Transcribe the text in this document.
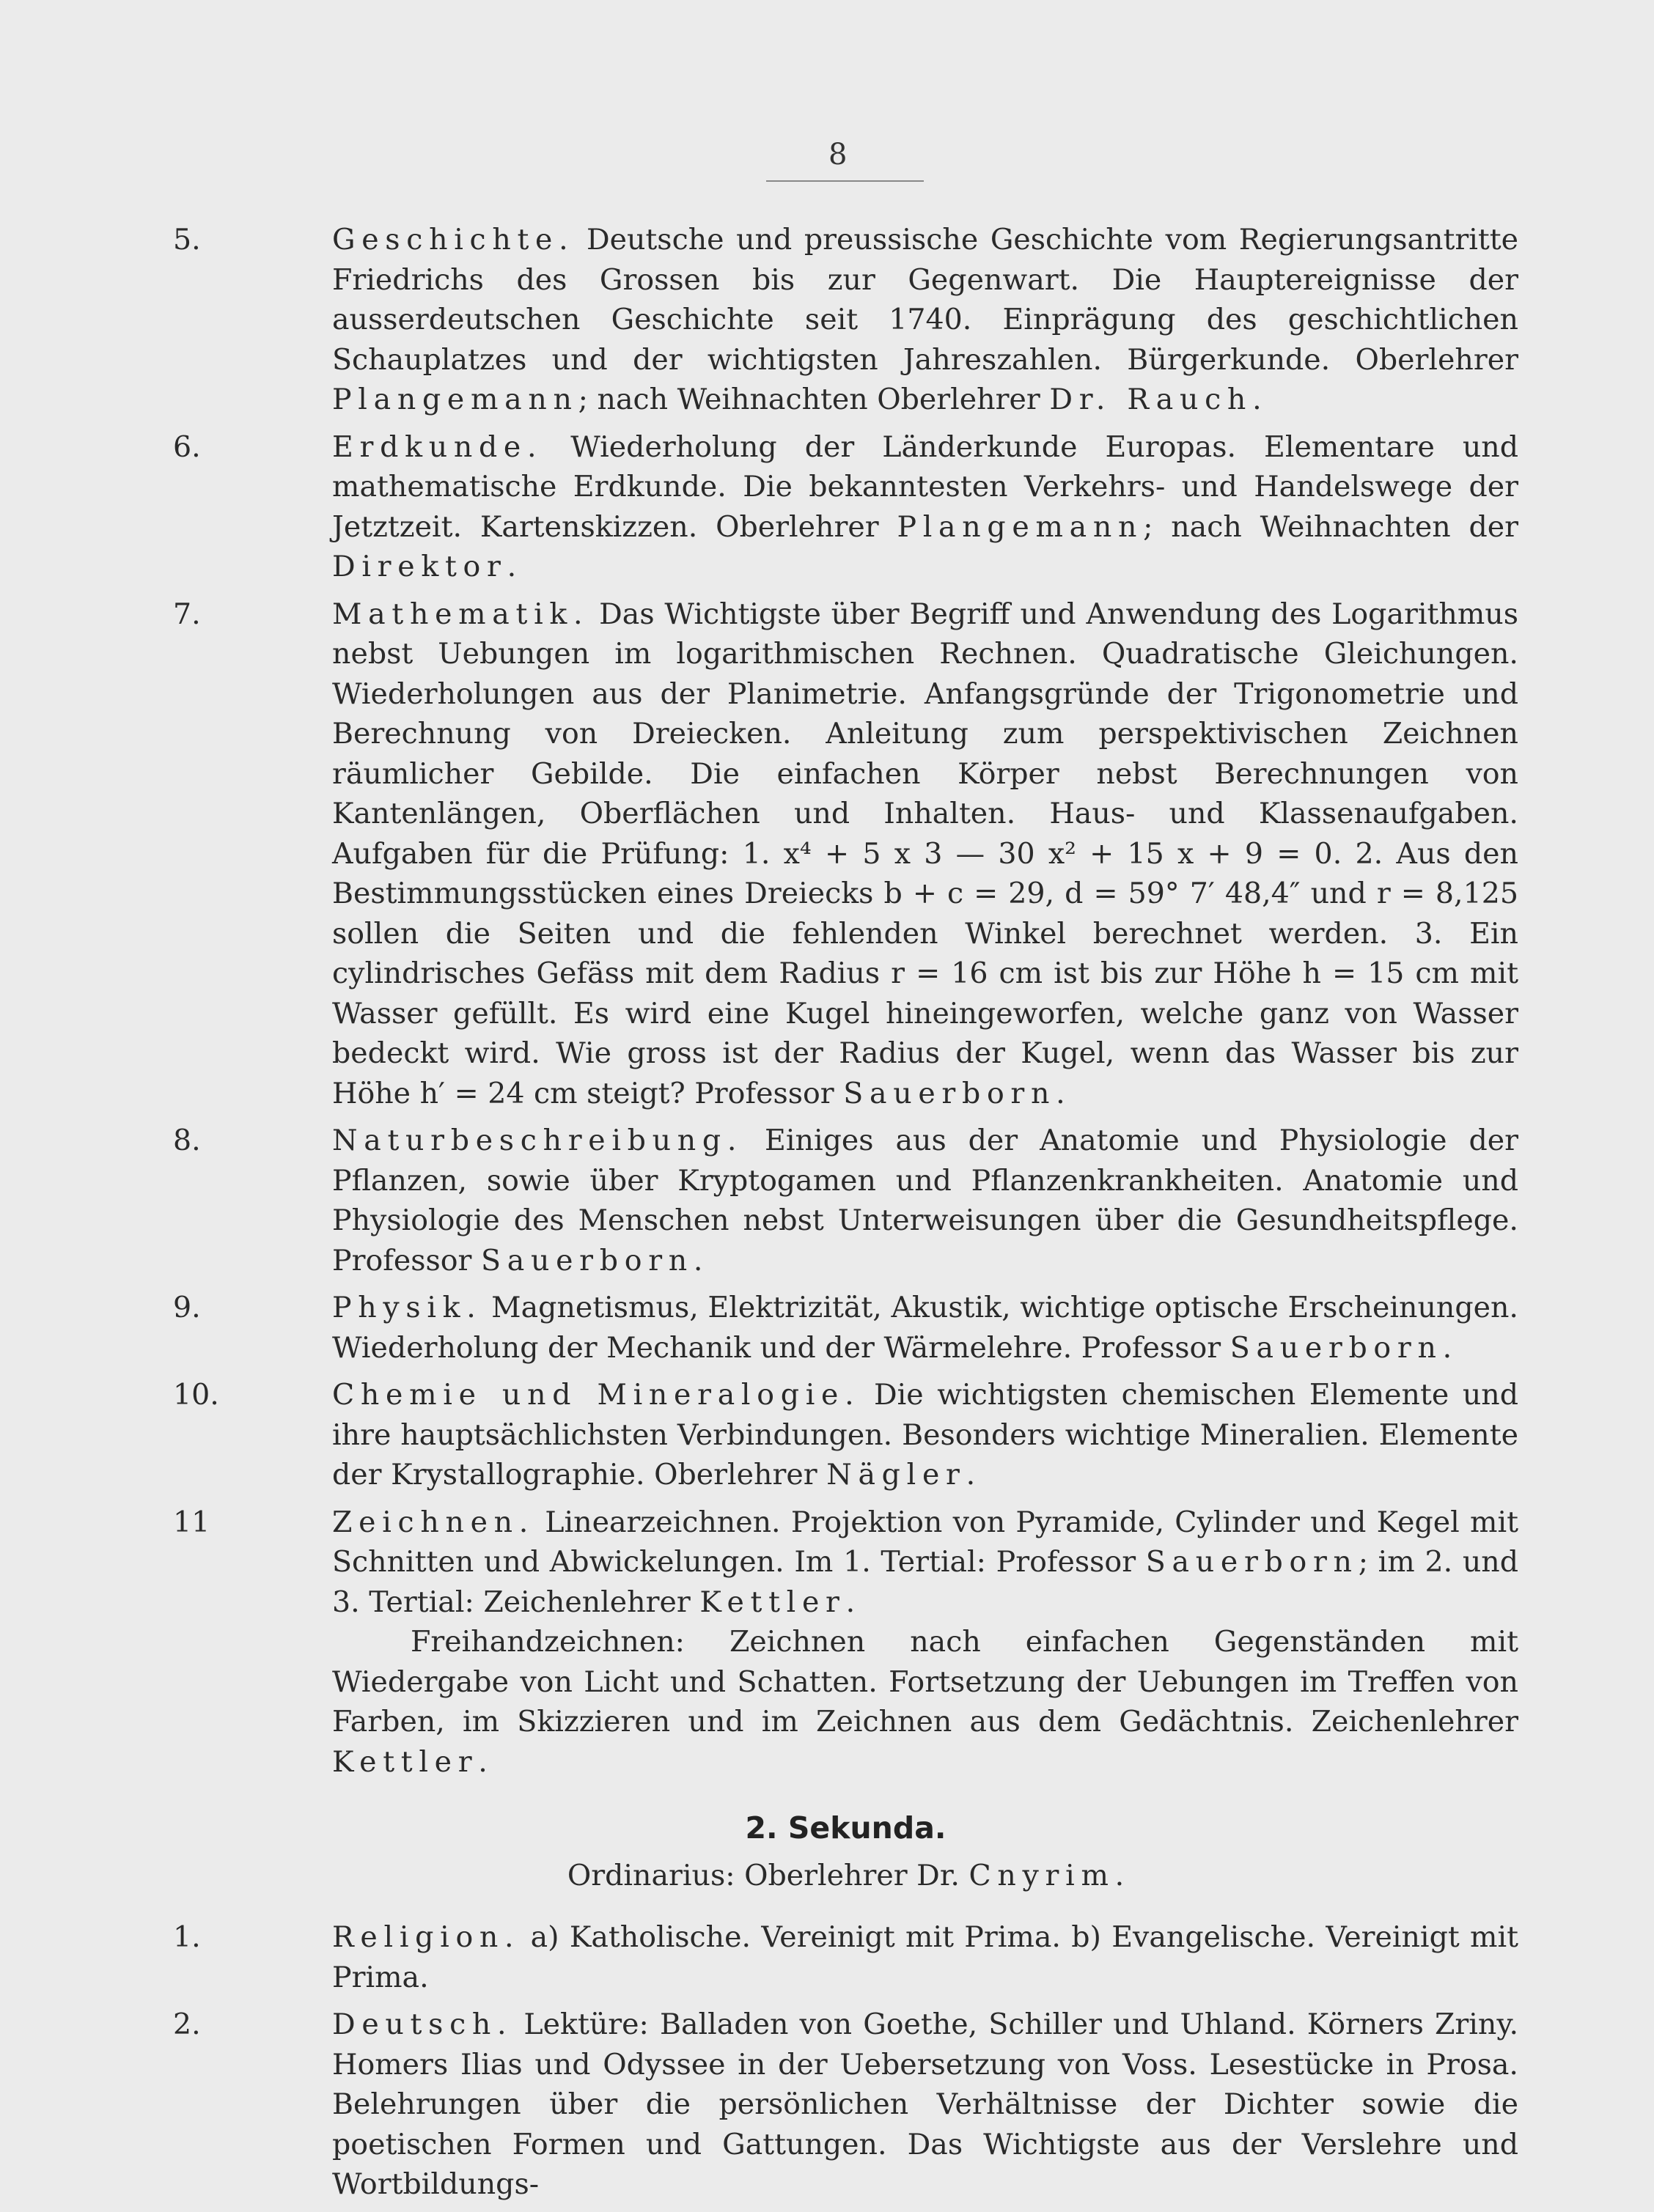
8
5.	Geschichte. Deutsche und preussische Geschichte vom Regierungsantritte Friedrichs des Grossen bis zur Gegenwart. Die Hauptereignisse der ausserdeutschen Geschichte seit 1740. Einprägung des geschichtlichen Schauplatzes und der wichtigsten Jahreszahlen. Bürgerkunde. Oberlehrer Plangemann; nach Weihnachten Oberlehrer Dr. Rauch.
6.	Erdkunde. Wiederholung der Länderkunde Europas. Elementare und mathematische Erdkunde. Die bekanntesten Verkehrs- und Handelswege der Jetztzeit. Kartenskizzen. Oberlehrer Plangemann; nach Weihnachten der Direktor.
7.	Mathematik. Das Wichtigste über Begriff und Anwendung des Logarithmus nebst Uebungen im logarithmischen Rechnen. Quadratische Gleichungen. Wiederholungen aus der Planimetrie. Anfangsgründe der Trigonometrie und Berechnung von Dreiecken. Anleitung zum perspektivischen Zeichnen räumlicher Gebilde. Die einfachen Körper nebst Berechnungen von Kantenlängen, Oberflächen und Inhalten. Haus- und Klassenaufgaben. Aufgaben für die Prüfung: 1. x⁴ + 5 x 3 — 30 x² + 15 x + 9 = 0. 2. Aus den Bestimmungsstücken eines Dreiecks b + c = 29, d = 59° 7′ 48,4″ und r = 8,125 sollen die Seiten und die fehlenden Winkel berechnet werden. 3. Ein cylindrisches Gefäss mit dem Radius r = 16 cm ist bis zur Höhe h = 15 cm mit Wasser gefüllt. Es wird eine Kugel hineingeworfen, welche ganz von Wasser bedeckt wird. Wie gross ist der Radius der Kugel, wenn das Wasser bis zur Höhe h′ = 24 cm steigt? Professor Sauerborn.
8.	Naturbeschreibung. Einiges aus der Anatomie und Physiologie der Pflanzen, sowie über Kryptogamen und Pflanzenkrankheiten. Anatomie und Physiologie des Menschen nebst Unterweisungen über die Gesundheitspflege. Professor Sauerborn.
9.	Physik. Magnetismus, Elektrizität, Akustik, wichtige optische Erscheinungen. Wiederholung der Mechanik und der Wärmelehre. Professor Sauerborn.
10.	Chemie und Mineralogie. Die wichtigsten chemischen Elemente und ihre hauptsächlichsten Verbindungen. Besonders wichtige Mineralien. Elemente der Krystallographie. Oberlehrer Nägler.
11	Zeichnen. Linearzeichnen. Projektion von Pyramide, Cylinder und Kegel mit Schnitten und Abwickelungen. Im 1. Tertial: Professor Sauerborn; im 2. und 3. Tertial: Zeichenlehrer Kettler.
Freihandzeichnen: Zeichnen nach einfachen Gegenständen mit Wiedergabe von Licht und Schatten. Fortsetzung der Uebungen im Treffen von Farben, im Skizzieren und im Zeichnen aus dem Gedächtnis. Zeichenlehrer Kettler.
2. Sekunda.
Ordinarius: Oberlehrer Dr. Cnyrim.
1.	Religion. a) Katholische. Vereinigt mit Prima. b) Evangelische. Vereinigt mit Prima.
2.	Deutsch. Lektüre: Balladen von Goethe, Schiller und Uhland. Körners Zriny. Homers Ilias und Odyssee in der Uebersetzung von Voss. Lesestücke in Prosa. Belehrungen über die persönlichen Verhältnisse der Dichter sowie die poetischen Formen und Gattungen. Das Wichtigste aus der Verslehre und Wortbildungs-
